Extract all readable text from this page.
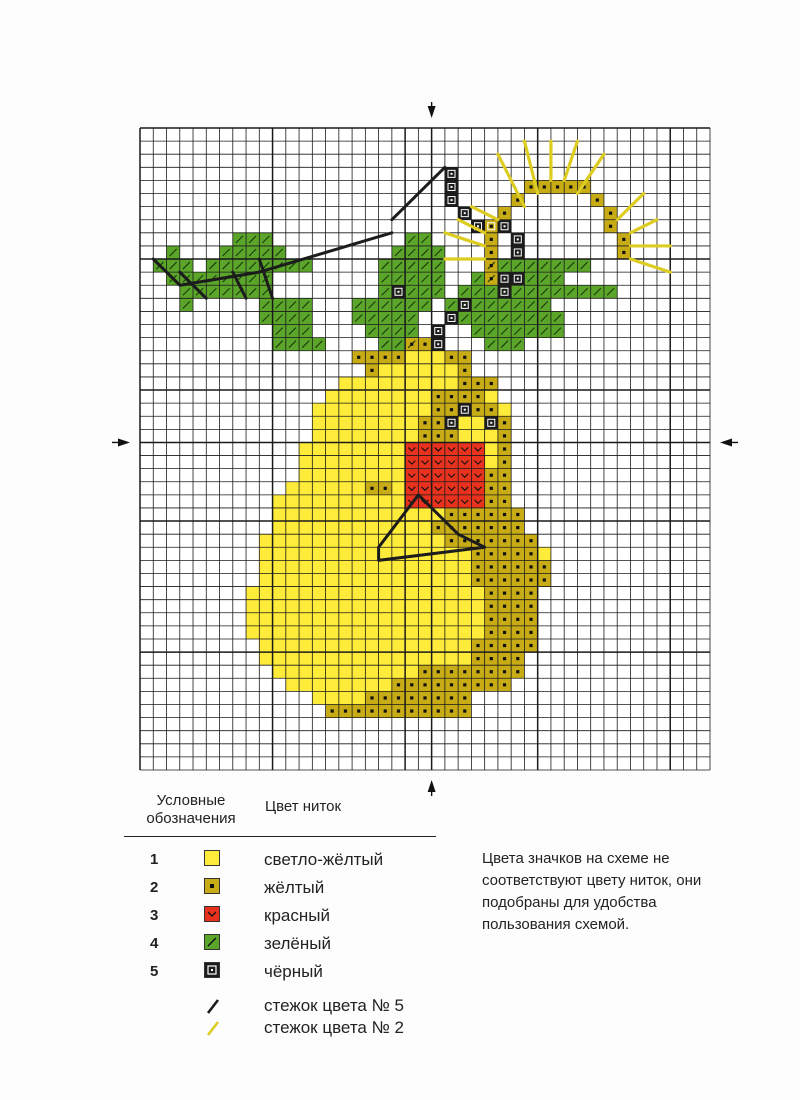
Условные обозначения
Цвет ниток
1	светло-жёлтый
2	жёлтый
3	красный
4	зелёный
5	чёрный
стежок цвета № 5
стежок цвета № 2
Цвета значков на схеме не соответствуют цвету ниток, они подобраны для удобства пользования схемой.
